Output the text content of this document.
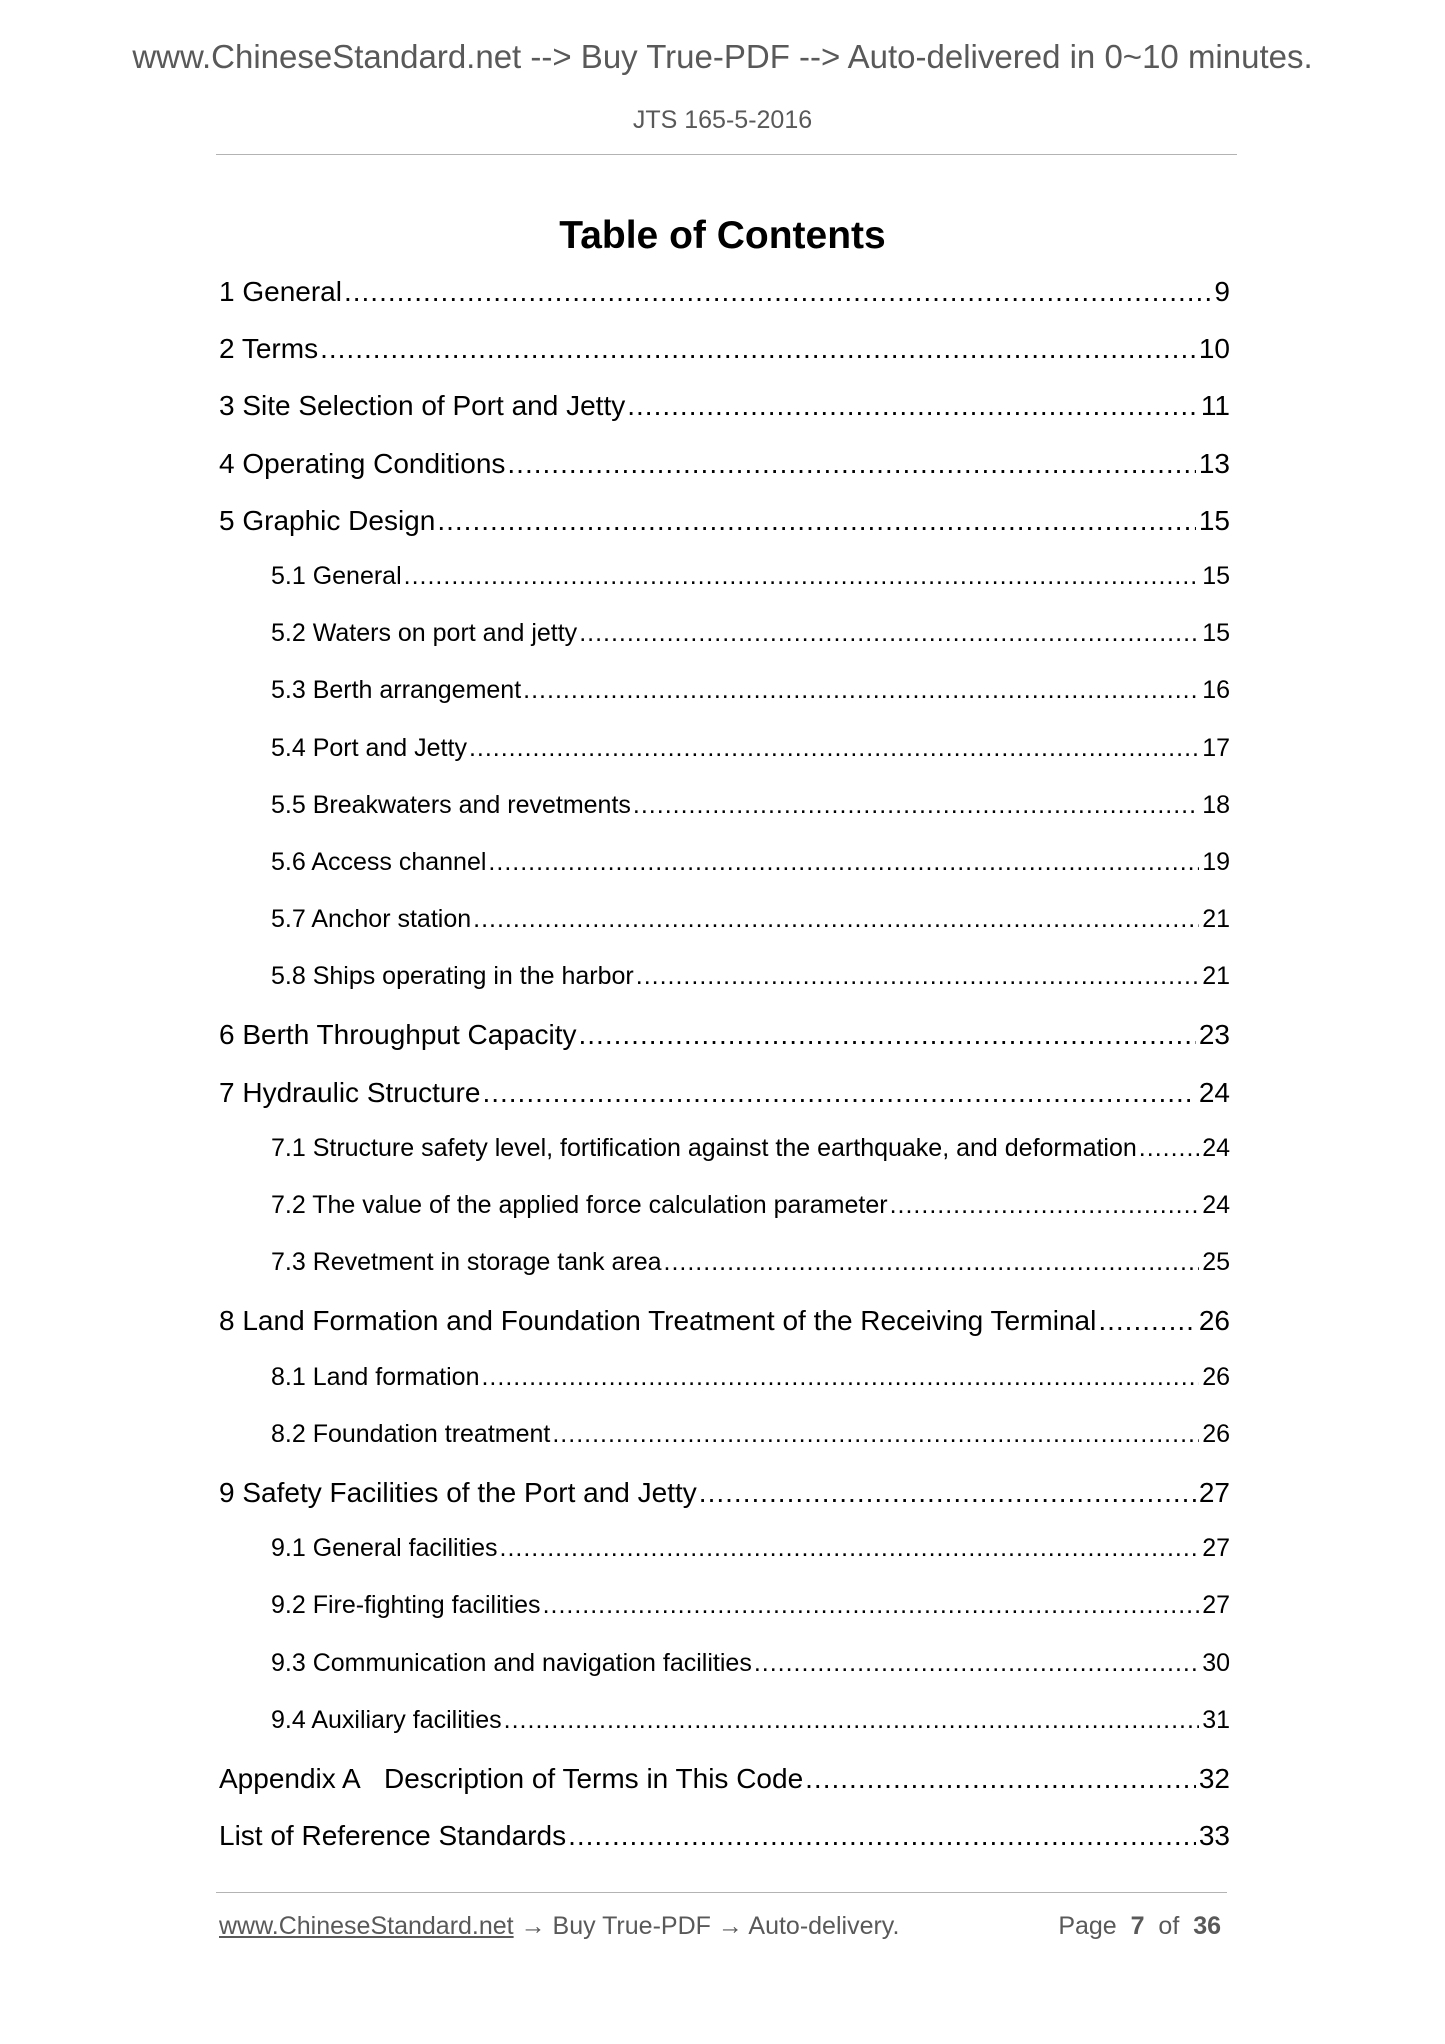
www.ChineseStandard.net --> Buy True-PDF --> Auto-delivered in 0~10 minutes.
JTS 165-5-2016
Table of Contents
1 General .....	9
2 Terms .....	10
3 Site Selection of Port and Jetty .....	11
4 Operating Conditions .....	13
5 Graphic Design .....	15
5.1 General .....	15
5.2 Waters on port and jetty .....	15
5.3 Berth arrangement .....	16
5.4 Port and Jetty .....	17
5.5 Breakwaters and revetments .....	18
5.6 Access channel .....	19
5.7 Anchor station .....	21
5.8 Ships operating in the harbor .....	21
6 Berth Throughput Capacity .....	23
7 Hydraulic Structure .....	24
7.1 Structure safety level, fortification against the earthquake, and deformation .....	24
7.2 The value of the applied force calculation parameter .....	24
7.3 Revetment in storage tank area .....	25
8 Land Formation and Foundation Treatment of the Receiving Terminal .....	26
8.1 Land formation .....	26
8.2 Foundation treatment .....	26
9 Safety Facilities of the Port and Jetty .....	27
9.1 General facilities .....	27
9.2 Fire-fighting facilities .....	27
9.3 Communication and navigation facilities .....	30
9.4 Auxiliary facilities .....	31
Appendix A   Description of Terms in This Code .....	32
List of Reference Standards .....	33
www.ChineseStandard.net → Buy True-PDF → Auto-delivery.	Page 7 of 36
